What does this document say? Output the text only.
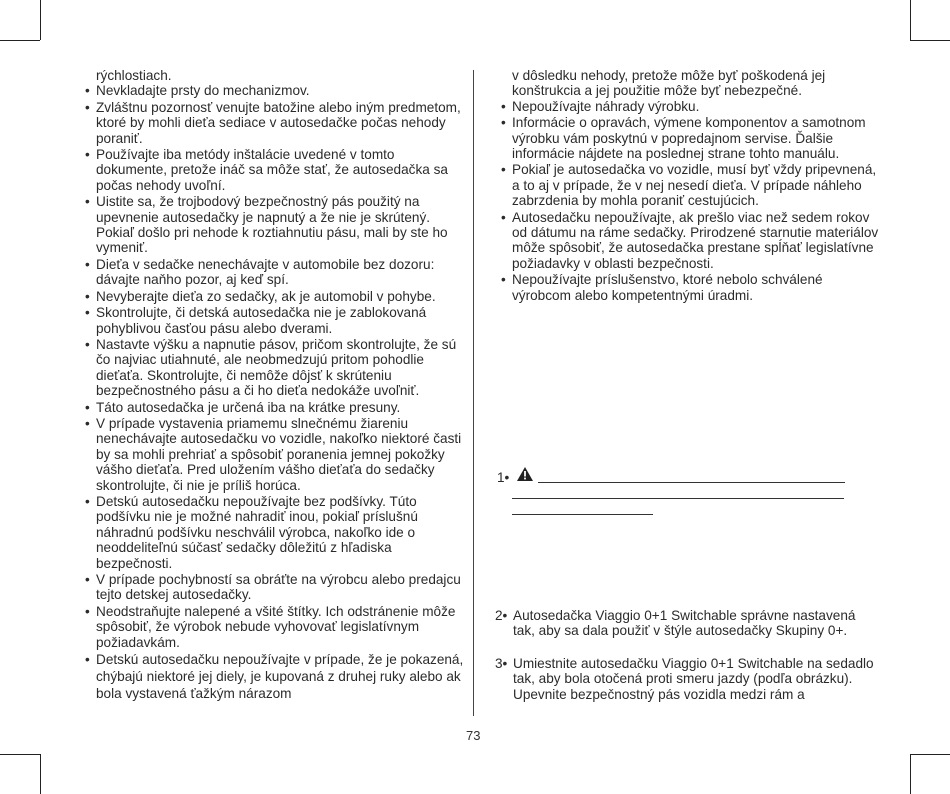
rýchlostiach.
• Nevkladajte prsty do mechanizmov.
• Zvláštnu pozornosť venujte batožine alebo iným predmetom, ktoré by mohli dieťa sediace v autosedačke počas nehody poraniť.
• Používajte iba metódy inštalácie uvedené v tomto dokumente, pretože ináč sa môže stať, že autosedačka sa počas nehody uvoľní.
• Uistite sa, že trojbodový bezpečnostný pás použitý na upevnenie autosedačky je napnutý a že nie je skrútený. Pokiaľ došlo pri nehode k roztiahnutiu pásu, mali by ste ho vymeniť.
• Dieťa v sedačke nenechávajte v automobile bez dozoru: dávajte naňho pozor, aj keď spí.
• Nevyberajte dieťa zo sedačky, ak je automobil v pohybe.
• Skontrolujte, či detská autosedačka nie je zablokovaná pohyblivou časťou pásu alebo dverami.
• Nastavte výšku a napnutie pásov, pričom skontrolujte, že sú čo najviac utiahnuté, ale neobmedzujú pritom pohodlie dieťaťa. Skontrolujte, či nemôže dôjsť k skrúteniu bezpečnostného pásu a či ho dieťa nedokáže uvoľniť.
• Táto autosedačka je určená iba na krátke presuny.
• V prípade vystavenia priamemu slnečnému žiareniu nenechávajte autosedačku vo vozidle, nakoľko niektoré časti by sa mohli prehriať a spôsobiť poranenia jemnej pokožky vášho dieťaťa. Pred uložením vášho dieťaťa do sedačky skontrolujte, či nie je príliš horúca.
• Detskú autosedačku nepoužívajte bez podšívky. Túto podšívku nie je možné nahradiť inou, pokiaľ príslušnú náhradnú podšívku neschválil výrobca, nakoľko ide o neoddeliteľnú súčasť sedačky dôležitú z hľadiska bezpečnosti.
• V prípade pochybností sa obráťte na výrobcu alebo predajcu tejto detskej autosedačky.
• Neodstraňujte nalepené a všité štítky. Ich odstránenie môže spôsobiť, že výrobok nebude vyhovovať legislatívnym požiadavkám.
• Detskú autosedačku nepoužívajte v prípade, že je pokazená, chýbajú niektoré jej diely, je kupovaná z druhej ruky alebo ak bola vystavená ťažkým nárazom
v dôsledku nehody, pretože môže byť poškodená jej konštrukcia a jej použitie môže byť nebezpečné.
• Nepoužívajte náhrady výrobku.
• Informácie o opravách, výmene komponentov a samotnom výrobku vám poskytnú v popredajnom servise. Ďalšie informácie nájdete na poslednej strane tohto manuálu.
• Pokiaľ je autosedačka vo vozidle, musí byť vždy pripevnená, a to aj v prípade, že v nej nesedí dieťa. V prípade náhleho zabrzdenia by mohla poraniť cestujúcich.
• Autosedačku nepoužívajte, ak prešlo viac než sedem rokov od dátumu na ráme sedačky. Prirodzené starnutie materiálov môže spôsobiť, že autosedačka prestane spĺňať legislatívne požiadavky v oblasti bezpečnosti.
• Nepoužívajte príslušenstvo, ktoré nebolo schválené výrobcom alebo kompetentnými úradmi.
1•
2• Autosedačka Viaggio 0+1 Switchable správne nastavená tak, aby sa dala použiť v štýle autosedačky Skupiny 0+.
3• Umiestnite autosedačku Viaggio 0+1 Switchable na sedadlo tak, aby bola otočená proti smeru jazdy (podľa obrázku).
Upevnite bezpečnostný pás vozidla medzi rám a
73
